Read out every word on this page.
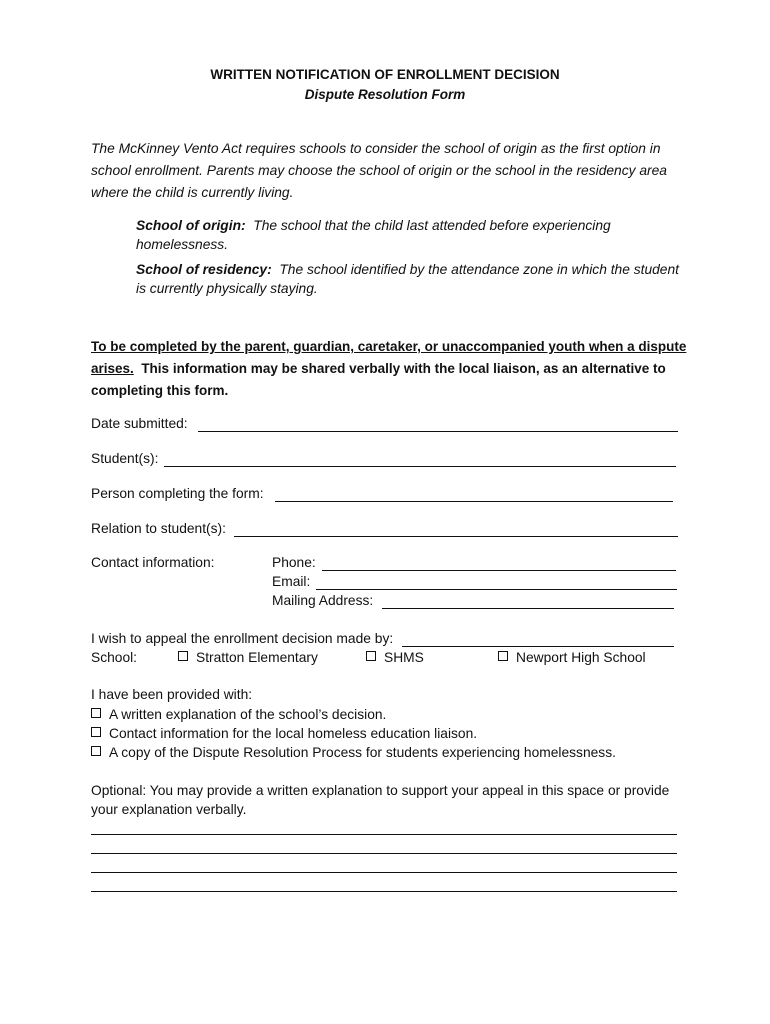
WRITTEN NOTIFICATION OF ENROLLMENT DECISION
Dispute Resolution Form
The McKinney Vento Act requires schools to consider the school of origin as the first option in school enrollment. Parents may choose the school of origin or the school in the residency area where the child is currently living.
School of origin: The school that the child last attended before experiencing homelessness.
School of residency: The school identified by the attendance zone in which the student is currently physically staying.
To be completed by the parent, guardian, caretaker, or unaccompanied youth when a dispute arises. This information may be shared verbally with the local liaison, as an alternative to completing this form.
Date submitted:
Student(s):
Person completing the form:
Relation to student(s):
Contact information:	Phone:
Email:
Mailing Address:
I wish to appeal the enrollment decision made by:
School:	Stratton Elementary	SHMS	Newport High School
I have been provided with:
A written explanation of the school’s decision.
Contact information for the local homeless education liaison.
A copy of the Dispute Resolution Process for students experiencing homelessness.
Optional: You may provide a written explanation to support your appeal in this space or provide your explanation verbally.
